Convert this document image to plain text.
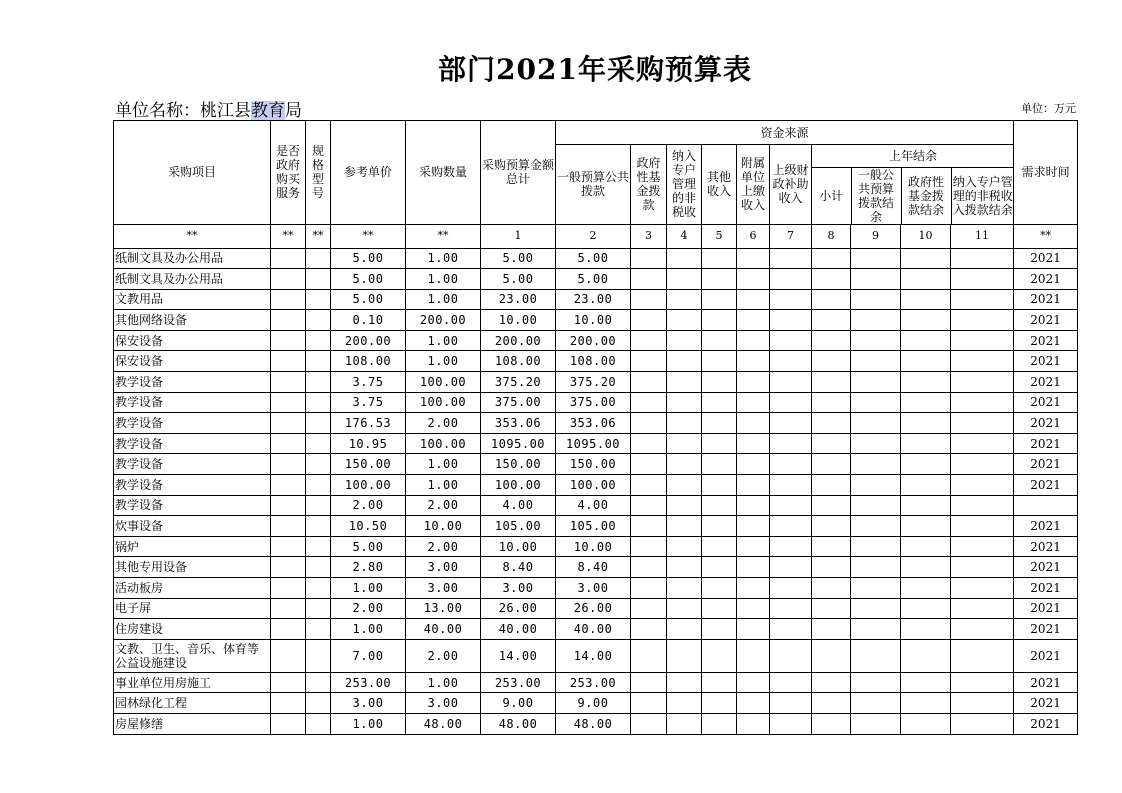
部门2021年采购预算表
单位名称：桃江县教育局	单位：万元
采购项目	是否政府购买服务	规格型号	参考单价	采购数量	采购预算金额总计	资金来源	需求时间
一般预算公共拨款	政府性基金拨款	纳入专户管理的非税收	其他收入	附属单位上缴收入	上级财政补助收入	
上年结余
小计	一般公共预算拨款结余	政府性基金拨款结余	纳入专户管理的非税收入拨款结余

**	**	**	**	**	1	2	3	4	5	6	7	8	9	10	11	**
纸制文具及办公用品			5.00	1.00	5.00	5.00										2021
纸制文具及办公用品			5.00	1.00	5.00	5.00										2021
文教用品			5.00	1.00	23.00	23.00										2021
其他网络设备			0.10	200.00	10.00	10.00										2021
保安设备			200.00	1.00	200.00	200.00										2021
保安设备			108.00	1.00	108.00	108.00										2021
教学设备			3.75	100.00	375.20	375.20										2021
教学设备			3.75	100.00	375.00	375.00										2021
教学设备			176.53	2.00	353.06	353.06										2021
教学设备			10.95	100.00	1095.00	1095.00										2021
教学设备			150.00	1.00	150.00	150.00										2021
教学设备			100.00	1.00	100.00	100.00										2021
教学设备			2.00	2.00	4.00	4.00										
炊事设备			10.50	10.00	105.00	105.00										2021
锅炉			5.00	2.00	10.00	10.00										2021
其他专用设备			2.80	3.00	8.40	8.40										2021
活动板房			1.00	3.00	3.00	3.00										2021
电子屏			2.00	13.00	26.00	26.00										2021
住房建设			1.00	40.00	40.00	40.00										2021
文教、卫生、音乐、体育等公益设施建设			7.00	2.00	14.00	14.00										2021
事业单位用房施工			253.00	1.00	253.00	253.00										2021
园林绿化工程			3.00	3.00	9.00	9.00										2021
房屋修缮			1.00	48.00	48.00	48.00										2021
